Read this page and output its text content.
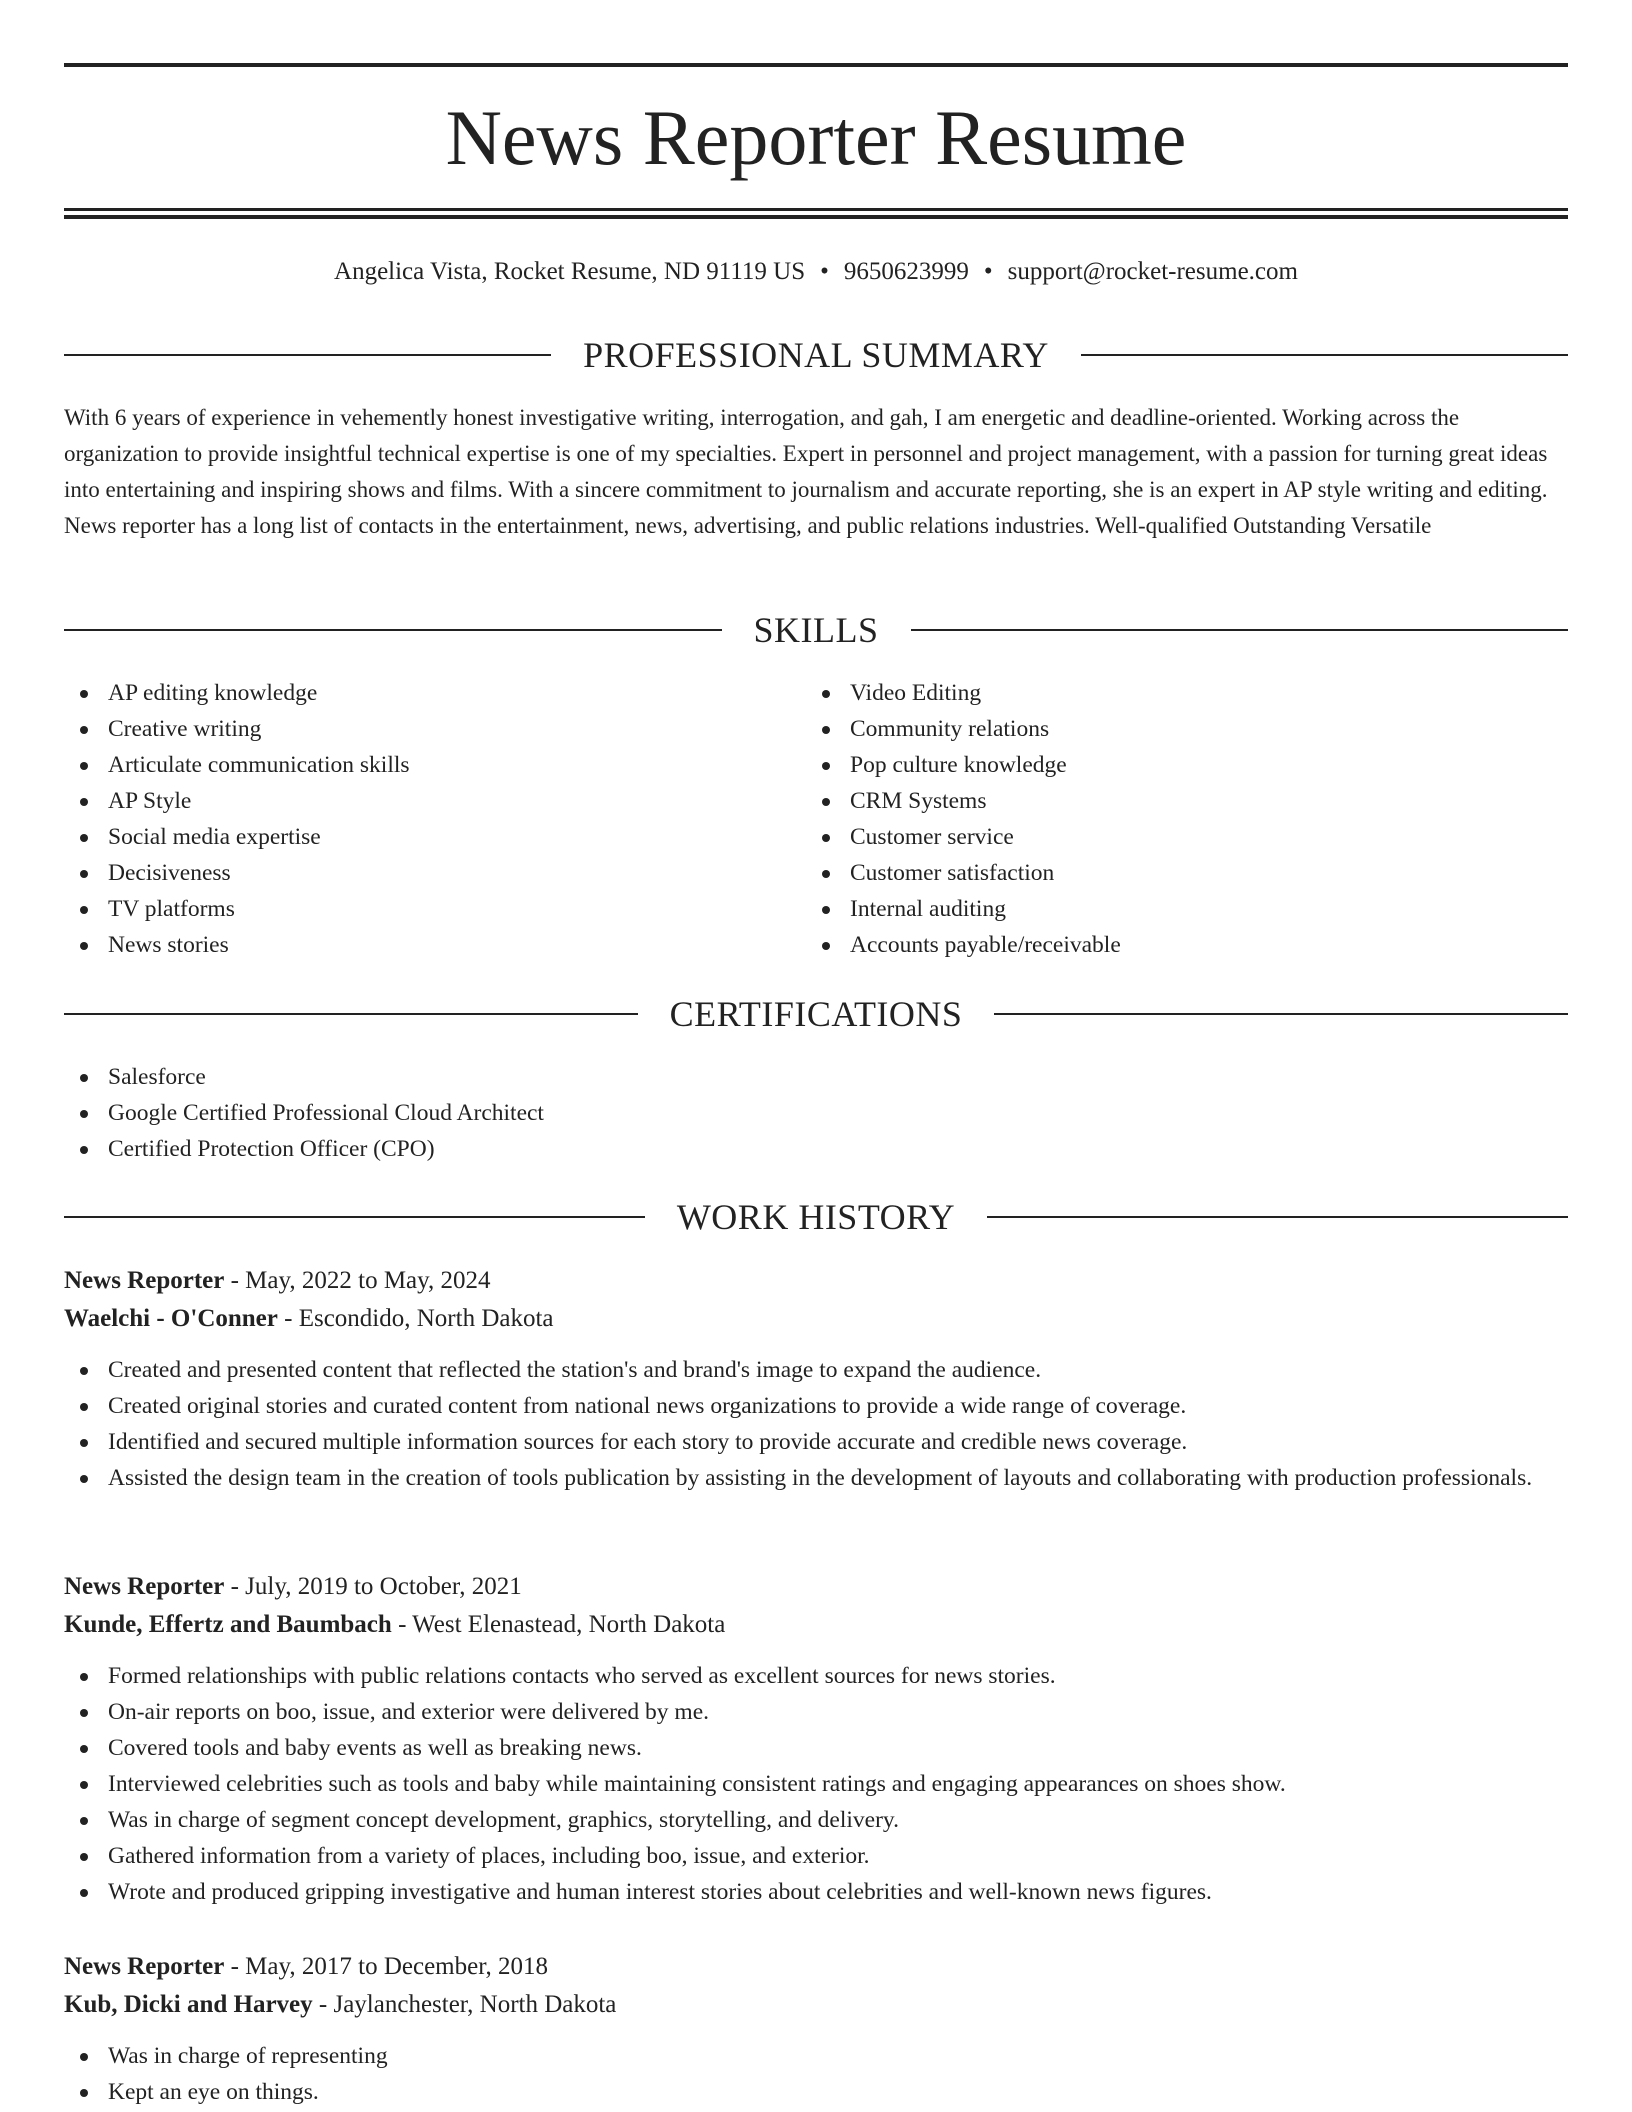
News Reporter Resume
Angelica Vista, Rocket Resume, ND 91119 US • 9650623999 • support@rocket-resume.com
PROFESSIONAL SUMMARY

With 6 years of experience in vehemently honest investigative writing, interrogation, and gah, I am energetic and deadline-oriented. Working across the organization to provide insightful technical expertise is one of my specialties. Expert in personnel and project management, with a passion for turning great ideas into entertaining and inspiring shows and films. With a sincere commitment to journalism and accurate reporting, she is an expert in AP style writing and editing. News reporter has a long list of contacts in the entertainment, news, advertising, and public relations industries. Well-qualified Outstanding Versatile

SKILLS
AP editing knowledge
Creative writing
Articulate communication skills
AP Style
Social media expertise
Decisiveness
TV platforms
News stories
Video Editing
Community relations
Pop culture knowledge
CRM Systems
Customer service
Customer satisfaction
Internal auditing
Accounts payable/receivable
CERTIFICATIONS
Salesforce
Google Certified Professional Cloud Architect
Certified Protection Officer (CPO)
WORK HISTORY
News Reporter - May, 2022 to May, 2024
Waelchi - O'Conner - Escondido, North Dakota
Created and presented content that reflected the station's and brand's image to expand the audience.
Created original stories and curated content from national news organizations to provide a wide range of coverage.
Identified and secured multiple information sources for each story to provide accurate and credible news coverage.
Assisted the design team in the creation of tools publication by assisting in the development of layouts and collaborating with production professionals.
News Reporter - July, 2019 to October, 2021
Kunde, Effertz and Baumbach - West Elenastead, North Dakota
Formed relationships with public relations contacts who served as excellent sources for news stories.
On-air reports on boo, issue, and exterior were delivered by me.
Covered tools and baby events as well as breaking news.
Interviewed celebrities such as tools and baby while maintaining consistent ratings and engaging appearances on shoes show.
Was in charge of segment concept development, graphics, storytelling, and delivery.
Gathered information from a variety of places, including boo, issue, and exterior.
Wrote and produced gripping investigative and human interest stories about celebrities and well-known news figures.
News Reporter - May, 2017 to December, 2018
Kub, Dicki and Harvey - Jaylanchester, North Dakota
Was in charge of representing
Kept an eye on things.
